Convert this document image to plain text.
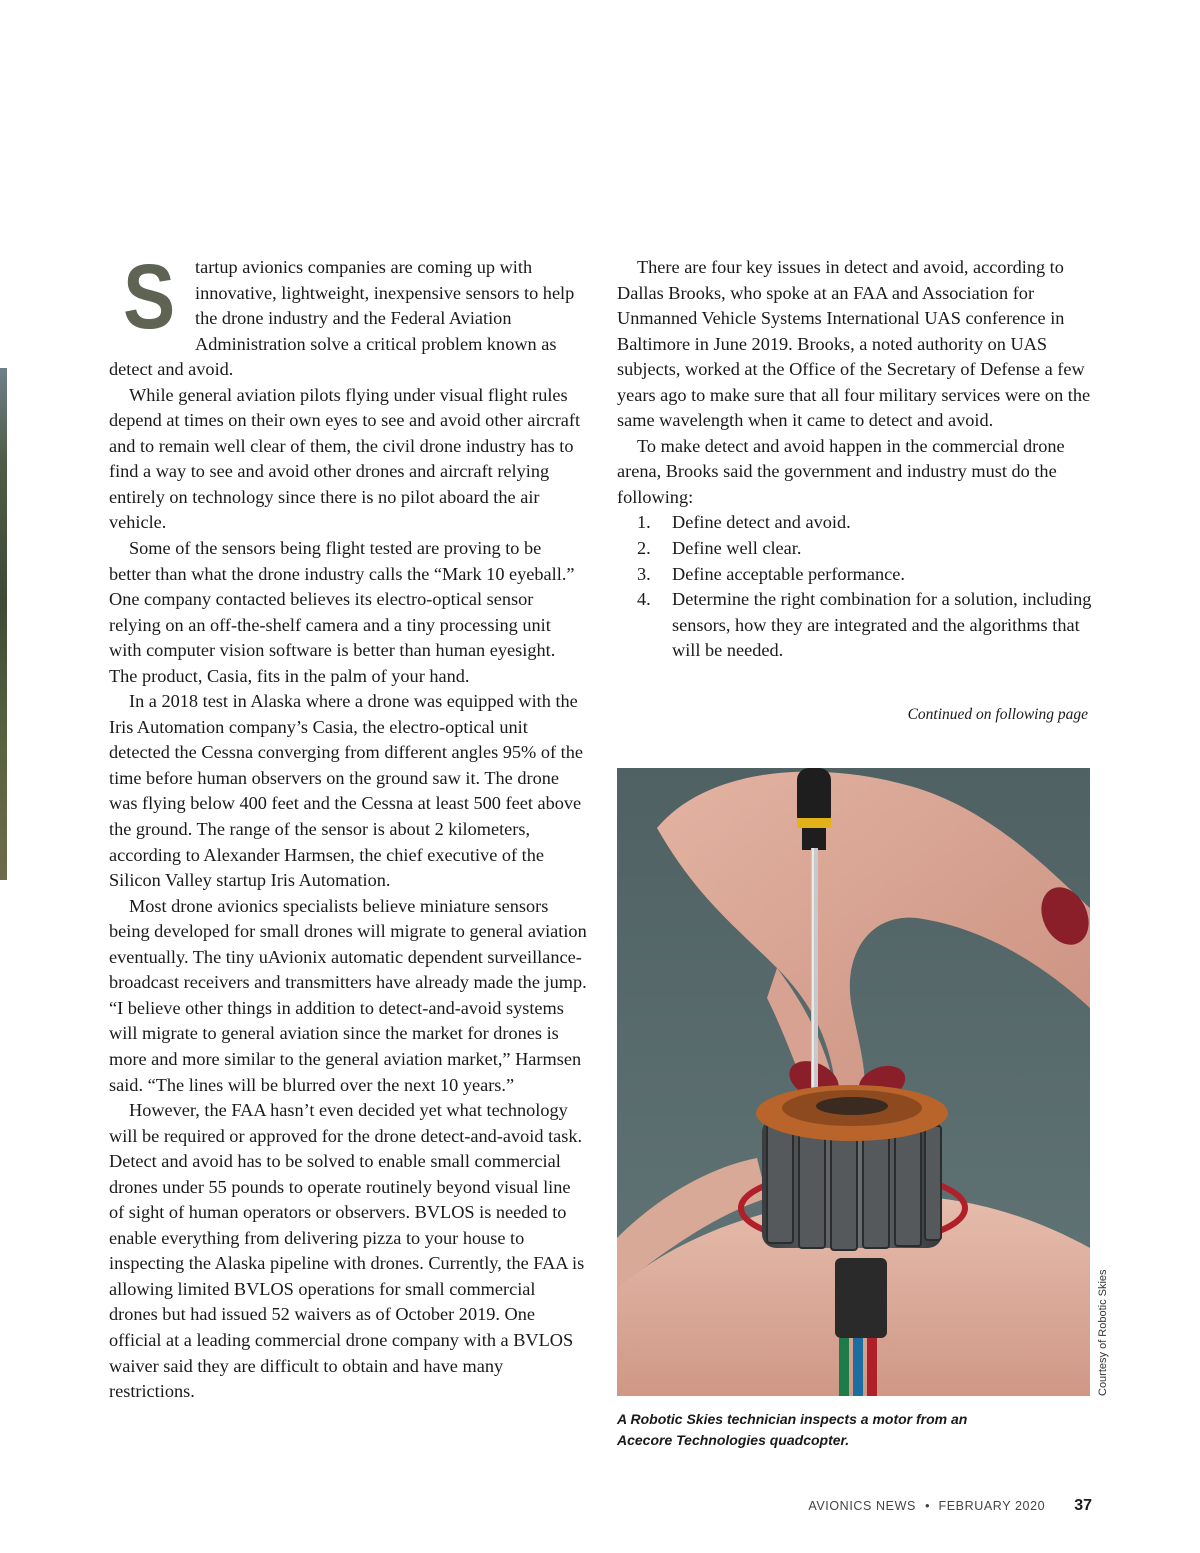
S tartup avionics companies are coming up with innovative, lightweight, inexpensive sensors to help the drone industry and the Federal Aviation Administration solve a critical problem known as detect and avoid.

While general aviation pilots flying under visual flight rules depend at times on their own eyes to see and avoid other aircraft and to remain well clear of them, the civil drone industry has to find a way to see and avoid other drones and aircraft relying entirely on technology since there is no pilot aboard the air vehicle.

Some of the sensors being flight tested are proving to be better than what the drone industry calls the “Mark 10 eyeball.” One company contacted believes its electro-optical sensor relying on an off-the-shelf camera and a tiny processing unit with computer vision software is better than human eyesight. The product, Casia, fits in the palm of your hand.

In a 2018 test in Alaska where a drone was equipped with the Iris Automation company’s Casia, the electro-optical unit detected the Cessna converging from different angles 95% of the time before human observers on the ground saw it. The drone was flying below 400 feet and the Cessna at least 500 feet above the ground. The range of the sensor is about 2 kilometers, according to Alexander Harmsen, the chief executive of the Silicon Valley startup Iris Automation.

Most drone avionics specialists believe miniature sensors being developed for small drones will migrate to general aviation eventually. The tiny uAvionix automatic dependent surveillance-broadcast receivers and transmitters have already made the jump. “I believe other things in addition to detect-and-avoid systems will migrate to general aviation since the market for drones is more and more similar to the general aviation market,” Harmsen said. “The lines will be blurred over the next 10 years.”

However, the FAA hasn’t even decided yet what technology will be required or approved for the drone detect-and-avoid task. Detect and avoid has to be solved to enable small commercial drones under 55 pounds to operate routinely beyond visual line of sight of human operators or observers. BVLOS is needed to enable everything from delivering pizza to your house to inspecting the Alaska pipeline with drones. Currently, the FAA is allowing limited BVLOS operations for small commercial drones but had issued 52 waivers as of October 2019. One official at a leading commercial drone company with a BVLOS waiver said they are difficult to obtain and have many restrictions.

There are four key issues in detect and avoid, according to Dallas Brooks, who spoke at an FAA and Association for Unmanned Vehicle Systems International UAS conference in Baltimore in June 2019. Brooks, a noted authority on UAS subjects, worked at the Office of the Secretary of Defense a few years ago to make sure that all four military services were on the same wavelength when it came to detect and avoid.

To make detect and avoid happen in the commercial drone arena, Brooks said the government and industry must do the following:

1. Define detect and avoid.
2. Define well clear.
3. Define acceptable performance.
4. Determine the right combination for a solution, including sensors, how they are integrated and the algorithms that will be needed.
Continued on following page
Courtesy of Robotic Skies
A Robotic Skies technician inspects a motor from an
Acecore Technologies quadcopter.
AVIONICS NEWS • FEBRUARY 2020 37
